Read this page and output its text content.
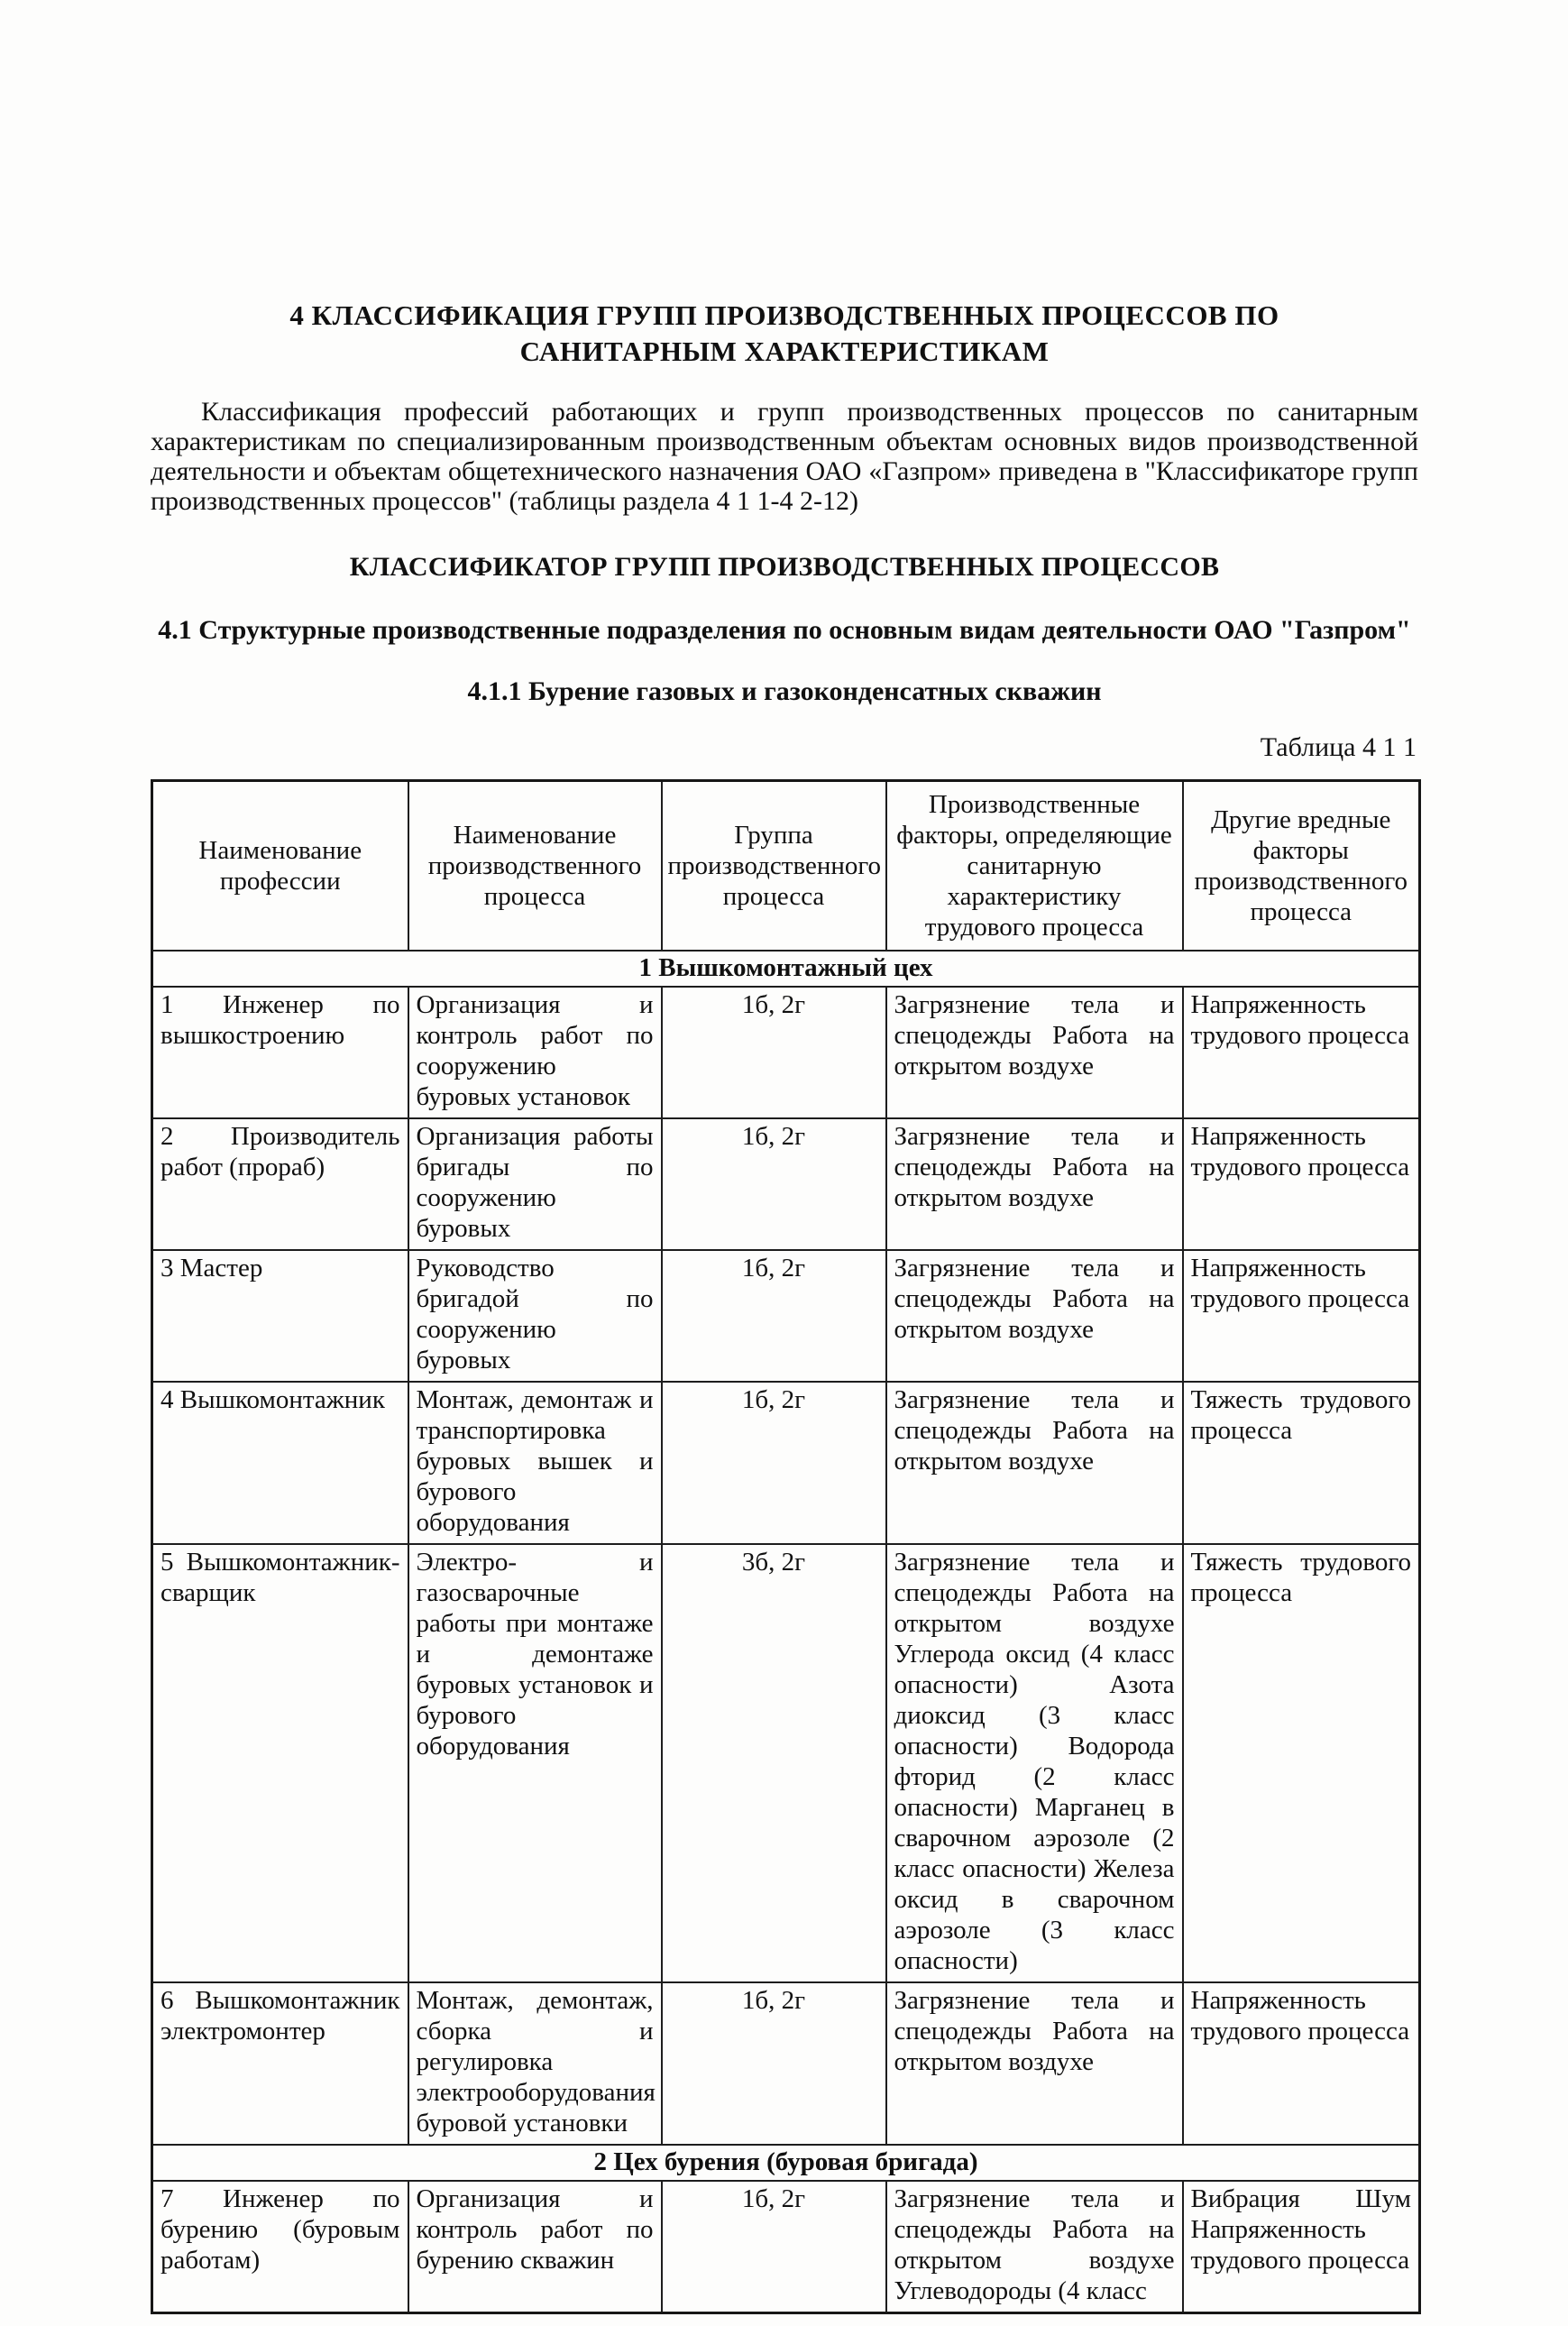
4 КЛАССИФИКАЦИЯ ГРУПП ПРОИЗВОДСТВЕННЫХ ПРОЦЕССОВ ПО САНИТАРНЫМ ХАРАКТЕРИСТИКАМ

Классификация профессий работающих и групп производственных процессов по санитарным характеристикам по специализированным производственным объектам основных видов производственной деятельности и объектам общетехнического назначения ОАО «Газпром» приведена в "Классификаторе групп производственных процессов" (таблицы раздела 4 1 1-4 2-12)

КЛАССИФИКАТОР ГРУПП ПРОИЗВОДСТВЕННЫХ ПРОЦЕССОВ
4.1 Структурные производственные подразделения по основным видам деятельности ОАО "Газпром"
4.1.1 Бурение газовых и газоконденсатных скважин
Таблица 4 1 1
Наименование профессии	Наименование производственного процесса	Группа производственного процесса	Производственные факторы, определяющие санитарную характеристику трудового процесса	Другие вредные факторы производственного процесса
1 Вышкомонтажный цех				
1 Инженер по вышкостроению	Организация и контроль работ по сооружению буровых установок	1б, 2г	Загрязнение тела и спецодежды Работа на открытом воздухе	Напряженность трудового процесса
2 Производитель работ (прораб)	Организация работы бригады по сооружению буровых	1б, 2г	Загрязнение тела и спецодежды Работа на открытом воздухе	Напряженность трудового процесса
3 Мастер	Руководство бригадой по сооружению буровых	1б, 2г	Загрязнение тела и спецодежды Работа на открытом воздухе	Напряженность трудового процесса
4 Вышкомонтажник	Монтаж, демонтаж и транспортировка буровых вышек и бурового оборудования	1б, 2г	Загрязнение тела и спецодежды Работа на открытом воздухе	Тяжесть трудового процесса
5 Вышкомонтажник-сварщик	Электро- и газосварочные работы при монтаже и демонтаже буровых установок и бурового оборудования	3б, 2г	Загрязнение тела и спецодежды Работа на открытом воздухе Углерода оксид (4 класс опасности) Азота диоксид (3 класс опасности) Водорода фторид (2 класс опасности) Марганец в сварочном аэрозоле (2 класс опасности) Железа оксид в сварочном аэрозоле (3 класс опасности)	Тяжесть трудового процесса
6 Вышкомонтажник электромонтер	Монтаж, демонтаж, сборка и регулировка электрооборудования буровой установки	1б, 2г	Загрязнение тела и спецодежды Работа на открытом воздухе	Напряженность трудового процесса
2 Цех бурения (буровая бригада)				
7 Инженер по бурению (буровым работам)	Организация и контроль работ по бурению скважин	1б, 2г	Загрязнение тела и спецодежды Работа на открытом воздухе Углеводороды (4 класс	Вибрация Шум Напряженность трудового процесса
